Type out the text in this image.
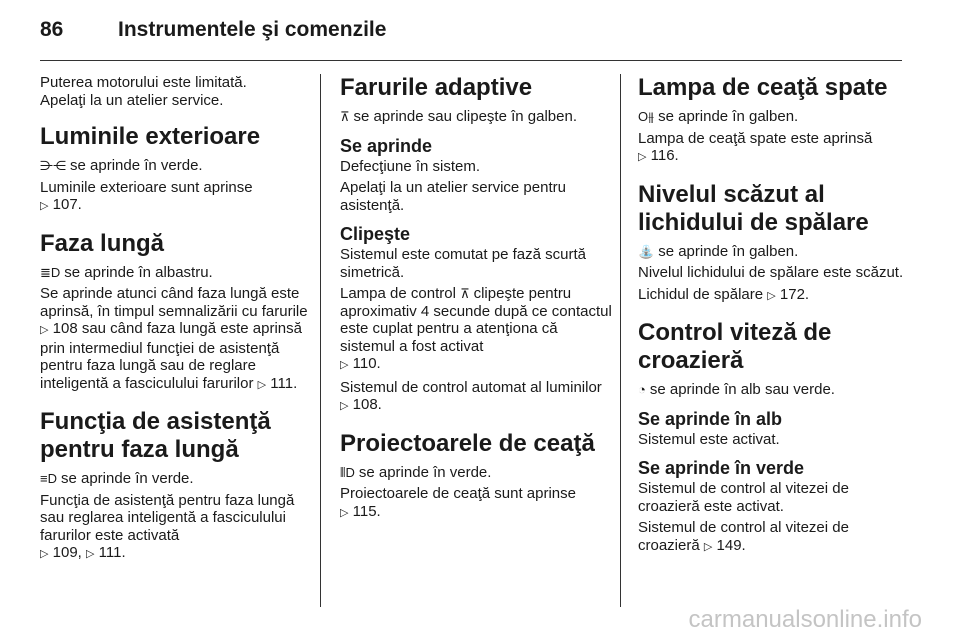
86	Instrumentele şi comenzile

Puterea motorului este limitată.
Apelaţi la un atelier service.

Luminile exterioare

⋺⋲ se aprinde în verde.

Luminile exterioare sunt aprinse
▷ 107.

Faza lungă

≣D se aprinde în albastru.

Se aprinde atunci când faza lungă este aprinsă, în timpul semnalizării cu farurile ▷ 108 sau când faza lungă este aprinsă prin intermediul funcţiei de asistenţă pentru faza lungă sau de reglare inteligentă a fasciculului farurilor ▷ 111.

Funcţia de asistenţă pentru faza lungă

≡D se aprinde în verde.

Funcţia de asistenţă pentru faza lungă sau reglarea inteligentă a fasciculului farurilor este activată
▷ 109, ▷ 111.

Farurile adaptive

⊼ se aprinde sau clipeşte în galben.

Se aprinde

Defecţiune în sistem.

Apelaţi la un atelier service pentru asistenţă.

Clipeşte

Sistemul este comutat pe fază scurtă simetrică.

Lampa de control ⊼ clipeşte pentru aproximativ 4 secunde după ce contactul este cuplat pentru a atenţiona că sistemul a fost activat
▷ 110.

Sistemul de control automat al luminilor ▷ 108.

Proiectoarele de ceaţă

⫴D se aprinde în verde.

Proiectoarele de ceaţă sunt aprinse
▷ 115.

Lampa de ceaţă spate

O⫵ se aprinde în galben.

Lampa de ceaţă spate este aprinsă
▷ 116.

Nivelul scăzut al lichidului de spălare

⛲ se aprinde în galben.

Nivelul lichidului de spălare este scăzut.

Lichidul de spălare ▷ 172.

Control viteză de croazieră

◔ se aprinde în alb sau verde.

Se aprinde în alb

Sistemul este activat.

Se aprinde în verde

Sistemul de control al vitezei de croazieră este activat.

Sistemul de control al vitezei de croazieră ▷ 149.

carmanualsonline.info
